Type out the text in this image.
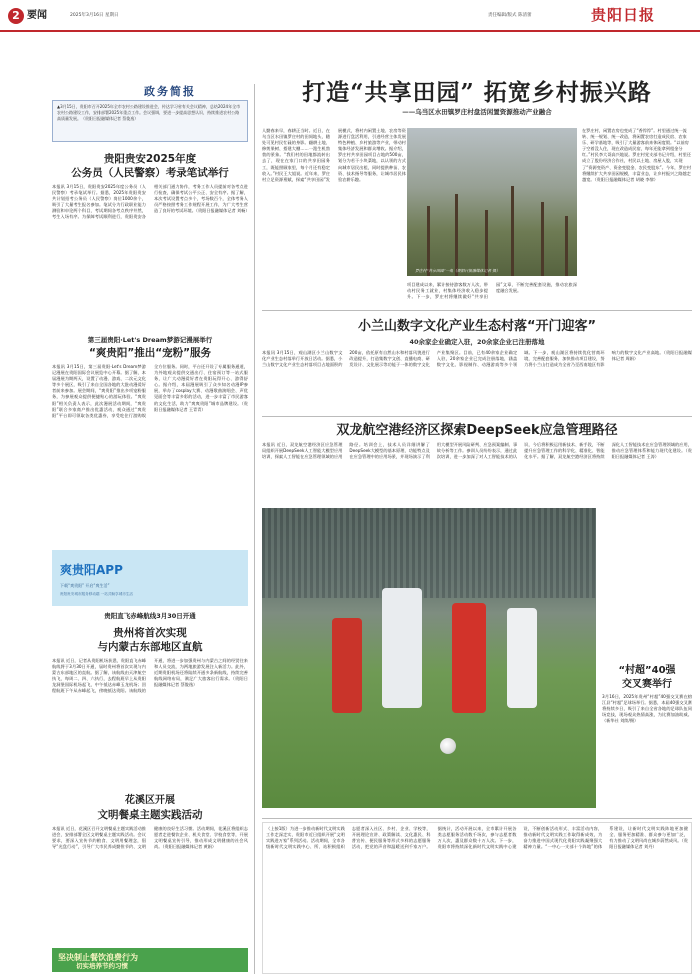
2 要闻	2025年3月16日 星期日	责任编辑/版式 陈清蕾	贵阳日报
政务简报
▲3月15日，贵阳市召开2025年全市农村公路建设推进会，传达学习省有关会议精神，总结2024年全市农村公路建设工作，安排部署2025年重点工作。会议强调，要进一步提高思想认识，持续推进农村公路高质量发展。（贵阳日报融媒体记者 蔡俊逸）
贵阳贵安2025年度
公务员（人民警察）考录笔试举行
本报讯 3月15日，贵阳贵安2025年度公务员（人民警察）考录笔试举行。据悉，2025年贵阳贵安共计划招考公务员（人民警察）岗位1000余个，吸引了大量考生报名参加。笔试分为行政职业能力测验和申论两个科目，考试期间各考点秩序井然，考生入场有序。为保障考试顺利进行，贵阳贵安各相关部门通力协作，考务工作人员提前对各考点进行检查，确保考试公平公正、安全有序。据了解，本次考试设置考点多个，考场数百个，全体考务人员严格按照考务工作规程开展工作，为广大考生营造了良好的考试环境。（贵阳日报融媒体记者 刘畅）
第三届贵阳·Let's Dream梦游记漫展举行
“爽贵阳”推出“宠粉”服务
本报讯 3月15日，第三届贵阳·Let's Dream梦游记漫展在贵阳国际会议展览中心开幕。据了解，本届漫展为期两天，设置了动漫、游戏、二次元文化等多个展区，吸引了来自全国各地的大批动漫爱好者前来参加。展会期间，“爽贵阳”推出多项宠粉服务，为参展观众提供便捷贴心的游玩体验。“爽贵阳”相关负责人表示，此次漫展活动期间，“爽贵阳”联合多家商户推出优惠活动，观众通过“爽贵阳”平台即可领取各类优惠券，享受吃住行游购娱全方位服务。同时，平台还开设了专属服务通道，为外地观众提供交通出行、住宿预订等一站式服务，让广大动漫爱好者在贵阳玩得开心、游得舒心。据介绍，本届漫展吸引了众多知名动漫IP参展，举办了cosplay大赛、动漫歌曲演唱会、声优见面会等丰富多彩的活动，进一步丰富了市民游客的文化生活，助力“爽爽贵阳”城市品牌建设。（贵阳日报融媒体记者 王青青）
爽贵阳APP
下载“爽贵阳” 开启“爽生活”
贵阳贵安城市服务移动端 一站式畅享城市生活
贵阳直飞赤峰航线3月30日开通
贵州将首次实现
与内蒙古东部地区直航
本报讯 近日，记者从贵阳机场获悉，贵阳直飞赤峰航线将于3月30日开通，届时贵州将首次实现与内蒙古东部地区的直航。据了解，该航线由天津航空执飞，每周二、四、六执行，去程航班早上从贵阳龙洞堡国际机场起飞，中午抵达赤峰玉龙机场；回程航班下午从赤峰起飞，傍晚抵达贵阳。该航线的开通，将进一步加强贵州与内蒙古之间的经贸往来和人员交流，为两地旅游发展注入新活力。此外，近期贵阳机场还将陆续开通多条新航线，持续完善航线网络布局，满足广大旅客出行需求。（贵阳日报融媒体记者 蔡俊逸）
花溪区开展
文明餐桌主题实践活动
本报讯 近日，花溪区召开文明餐桌主题实践活动推进会，安排部署全区文明餐桌主题实践活动。会议要求，要深入宣传节约粮食、文明用餐理念，倡导“光盘行动”，引导广大市民养成勤俭节约、文明健康的良好生活习惯。活动期间，花溪区将组织志愿者走进餐饮企业、机关食堂、学校食堂等，开展文明餐桌宣传引导，推动形成文明健康的社会风尚。（贵阳日报融媒体记者 黄娟）
坚决制止餐饮浪费行为
切实培养节约习惯
打造“共享田园” 拓宽乡村振兴路
——乌当区水田镇罗庄村盘活闲置资源推动产业融合
人勤春来早，春耕正当时。近日，在乌当区水田镇罗庄村的田间地头，随处可见村民忙碌的身影。翻耕土地、修剪果树、搭建大棚……一派生机勃勃的景象。“我们村的田地都流转出去了，现在在家门口的共享田园务工，既能照顾家里，每个月还有稳定收入。”村民王大姐说。近年来，罗庄村立足资源禀赋，探索“共享田园”发展模式，将村内闲置土地、农房等资源进行盘活利用，引进经营主体发展特色种植、乡村旅游等产业，带动村集体经济发展和群众增收。据介绍，罗庄村共享田园项目占地约500亩，划分为若干小块菜地，以认领的方式向城市居民出租，同时提供种苗、农资、技术指导等服务，让城市居民体验农耕乐趣。
罗庄村“共享田园”一角（贵阳日报融媒体记者 摄）
项目建成以来，累计接待游客数万人次，带动村民务工就业，村集体经济收入稳步提升。下一步，罗庄村将继续做好“共享田园”文章，不断完善配套设施，推动农旅深度融合发展。
在罗庄村，闲置农房也变成了“香饽饽”。村里通过统一流转、统一规划、统一改造，将闲置农房打造成民宿、农家乐、研学基地等，吸引了大量游客前来休闲度假。“以前房子空着没人住，现在改造成民宿，每年还能拿到租金分红。”村民李大哥高兴地说。罗庄村党支部书记介绍，村里还成立了股份经济合作社，村民以土地、房屋入股，实现了“资源变资产、资金变股金、农民变股东”。今年，罗庄村将继续扩大共享田园规模，丰富业态，让乡村振兴之路越走越宽。（贵阳日报融媒体记者 胡晓 李黎）
小兰山数字文化产业生态村落“开门迎客”
40余家企业确定入驻，20余家企业已注册落地
本报讯 3月15日，观山湖区小兰山数字文化产业生态村落举行开放日活动。据悉，小兰山数字文化产业生态村落项目占地面积约200亩，依托原有自然山水和村落风貌进行改造提升，打造集数字文创、直播电商、研发设计、文化展示等功能于一体的数字文化产业集聚区。目前，已有40余家企业确定入驻，20余家企业已完成注册落地，涵盖数字文化、影视制作、动漫游戏等多个领域。下一步，观山湖区将持续优化营商环境，完善配套服务，加快推动项目建设，努力将小兰山打造成为全省乃至西南地区有影响力的数字文化产业高地。（贵阳日报融媒体记者 周娟）
双龙航空港经济区探索DeepSeek应急管理路径
本报讯 近日，双龙航空港经济区应急管理局组织开展DeepSeek人工智能大模型应用培训，探索人工智能在应急管理领域的应用路径。培训会上，技术人员详细讲解了DeepSeek大模型的基本原理、功能特点及在应急管理中的应用场景，并现场演示了利用大模型开展风险研判、应急预案编制、事故分析等工作。参训人员纷纷表示，通过此次培训，进一步加深了对人工智能技术的认识，今后将积极运用新技术、新手段，不断提升应急管理工作的科学化、精准化、智能化水平。据了解，双龙航空港经济区将持续深化人工智能技术在应急管理领域的应用，推动应急管理体系和能力现代化建设。（贵阳日报融媒体记者 王涛）
“村超”40强
交叉赛举行
3月16日，2025年贵州“村超”40强交叉赛在榕江县“村超”足球场举行。据悉，本届40强交叉赛将持续多日，吸引了来自全省各地的足球队伍同场竞技，现场观众热情高涨，为比赛加油助威。（新华社 刘续/摄）
（上接1版）为进一步推动新时代文明实践工作走深走实，贵阳市近日组织开展“文明实践进万家”系列活动。活动期间，全市各级新时代文明实践中心、所、站积极组织志愿者深入社区、乡村、企业、学校等，开展理论宣讲、政策解读、文化惠民、科普宣传、便民服务等形式多样的志愿服务活动，把党的声音和温暖送到千家万户。据统计，活动开展以来，全市累计开展各类志愿服务活动数千场次，参与志愿者数万人次，惠及群众数十万人次。下一步，贵阳市将持续深化新时代文明实践中心建设，不断创新活动形式、丰富活动内容，推动新时代文明实践工作取得新成效，为奋力推进中国式现代化贵阳实践凝聚强大精神力量。“一中心一支部十个阵地”的体系建设，让新时代文明实践阵地更加健全、服务更加精准、群众参与更加广泛，有力推动了文明风尚在城乡蔚然成风。（贵阳日报融媒体记者 刘丹）
